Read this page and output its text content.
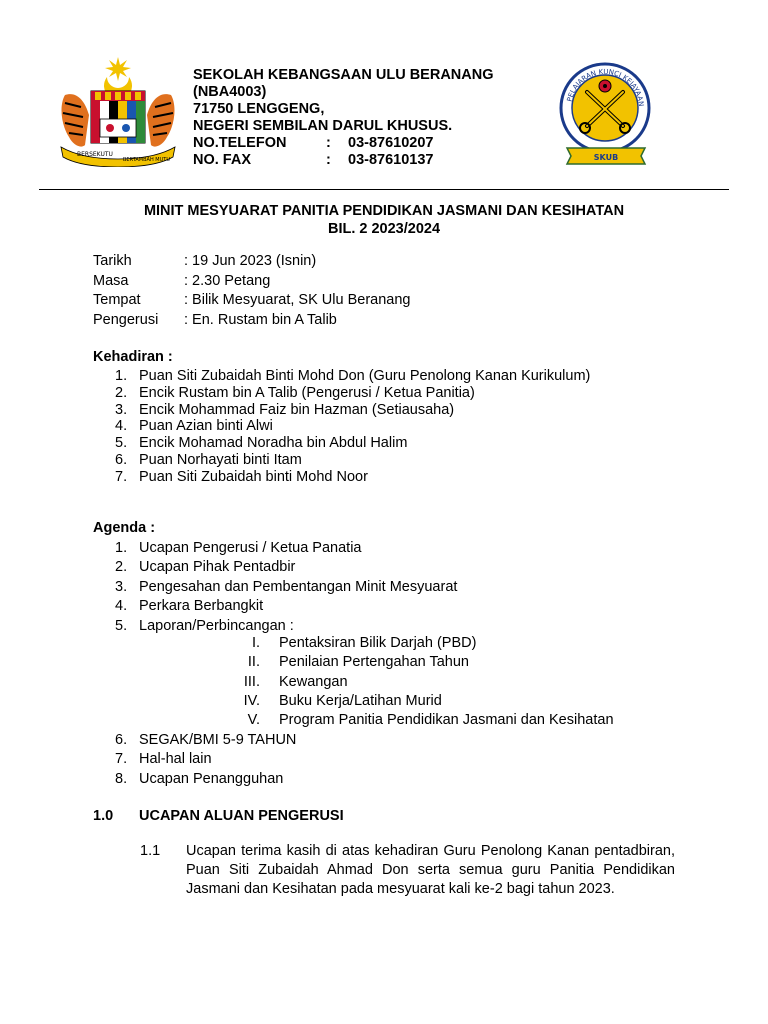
BERSEKUTU
BERTAMBAH MUTU
SEKOLAH KEBANGSAAN ULU BERANANG
(NBA4003)
71750 LENGGENG,
NEGERI SEMBILAN DARUL KHUSUS.
NO.TELEFON	: 03-87610207
NO. FAX	: 03-87610137
PELAJARAN KUNCI KEJAYAAN
SKUB
MINIT MESYUARAT PANITIA PENDIDIKAN JASMANI DAN KESIHATAN
BIL. 2 2023/2024
Tarikh	: 19 Jun 2023 (Isnin)
Masa	: 2.30 Petang
Tempat	: Bilik Mesyuarat, SK Ulu Beranang
Pengerusi : En. Rustam bin A Talib
Kehadiran :
1. Puan Siti Zubaidah Binti Mohd Don (Guru Penolong Kanan Kurikulum)
2. Encik Rustam bin A Talib (Pengerusi / Ketua Panitia)
3. Encik Mohammad Faiz bin Hazman (Setiausaha)
4. Puan Azian binti Alwi
5. Encik Mohamad Noradha bin Abdul Halim
6. Puan Norhayati binti Itam
7. Puan Siti Zubaidah binti Mohd Noor
Agenda :
1. Ucapan Pengerusi / Ketua Panatia
2. Ucapan Pihak Pentadbir
3. Pengesahan dan Pembentangan Minit Mesyuarat
4. Perkara Berbangkit
5. Laporan/Perbincangan :
I. Pentaksiran Bilik Darjah (PBD)
II. Penilaian Pertengahan Tahun
III. Kewangan
IV. Buku Kerja/Latihan Murid
V. Program Panitia Pendidikan Jasmani dan Kesihatan
6. SEGAK/BMI 5-9 TAHUN
7. Hal-hal lain
8. Ucapan Penangguhan
1.0 UCAPAN ALUAN PENGERUSI
1.1 Ucapan terima kasih di atas kehadiran Guru Penolong Kanan pentadbiran, Puan Siti Zubaidah Ahmad Don serta semua guru Panitia Pendidikan Jasmani dan Kesihatan pada mesyuarat kali ke-2 bagi tahun 2023.
